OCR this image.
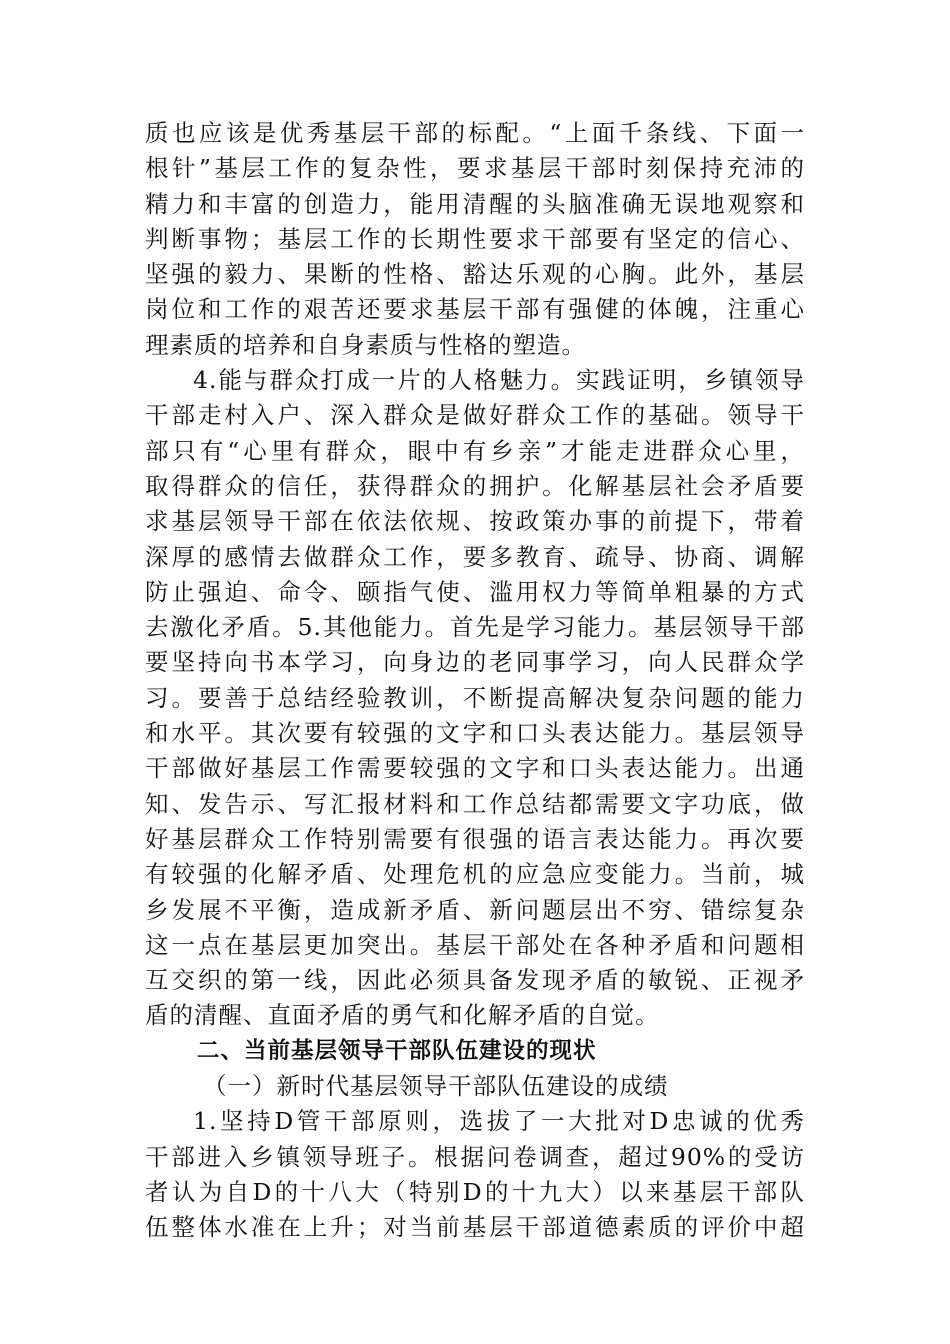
质也应该是优秀基层干部的标配。“上面千条线、下面一
根针”基层工作的复杂性，要求基层干部时刻保持充沛的
精力和丰富的创造力，能用清醒的头脑准确无误地观察和
判断事物；基层工作的长期性要求干部要有坚定的信心、
坚强的毅力、果断的性格、豁达乐观的心胸。此外，基层
岗位和工作的艰苦还要求基层干部有强健的体魄，注重心
理素质的培养和自身素质与性格的塑造。
4.能与群众打成一片的人格魅力。实践证明，乡镇领导
干部走村入户、深入群众是做好群众工作的基础。领导干
部只有“心里有群众，眼中有乡亲”才能走进群众心里，
取得群众的信任，获得群众的拥护。化解基层社会矛盾要
求基层领导干部在依法依规、按政策办事的前提下，带着
深厚的感情去做群众工作，要多教育、疏导、协商、调解
防止强迫、命令、颐指气使、滥用权力等简单粗暴的方式
去激化矛盾。5.其他能力。首先是学习能力。基层领导干部
要坚持向书本学习，向身边的老同事学习，向人民群众学
习。要善于总结经验教训，不断提高解决复杂问题的能力
和水平。其次要有较强的文字和口头表达能力。基层领导
干部做好基层工作需要较强的文字和口头表达能力。出通
知、发告示、写汇报材料和工作总结都需要文字功底，做
好基层群众工作特别需要有很强的语言表达能力。再次要
有较强的化解矛盾、处理危机的应急应变能力。当前，城
乡发展不平衡，造成新矛盾、新问题层出不穷、错综复杂
这一点在基层更加突出。基层干部处在各种矛盾和问题相
互交织的第一线，因此必须具备发现矛盾的敏锐、正视矛
盾的清醒、直面矛盾的勇气和化解矛盾的自觉。
二、当前基层领导干部队伍建设的现状
（一）新时代基层领导干部队伍建设的成绩
1.坚持D管干部原则，选拔了一大批对D忠诚的优秀
干部进入乡镇领导班子。根据问卷调查，超过90%的受访
者认为自D的十八大（特别D的十九大）以来基层干部队
伍整体水准在上升；对当前基层干部道德素质的评价中超
